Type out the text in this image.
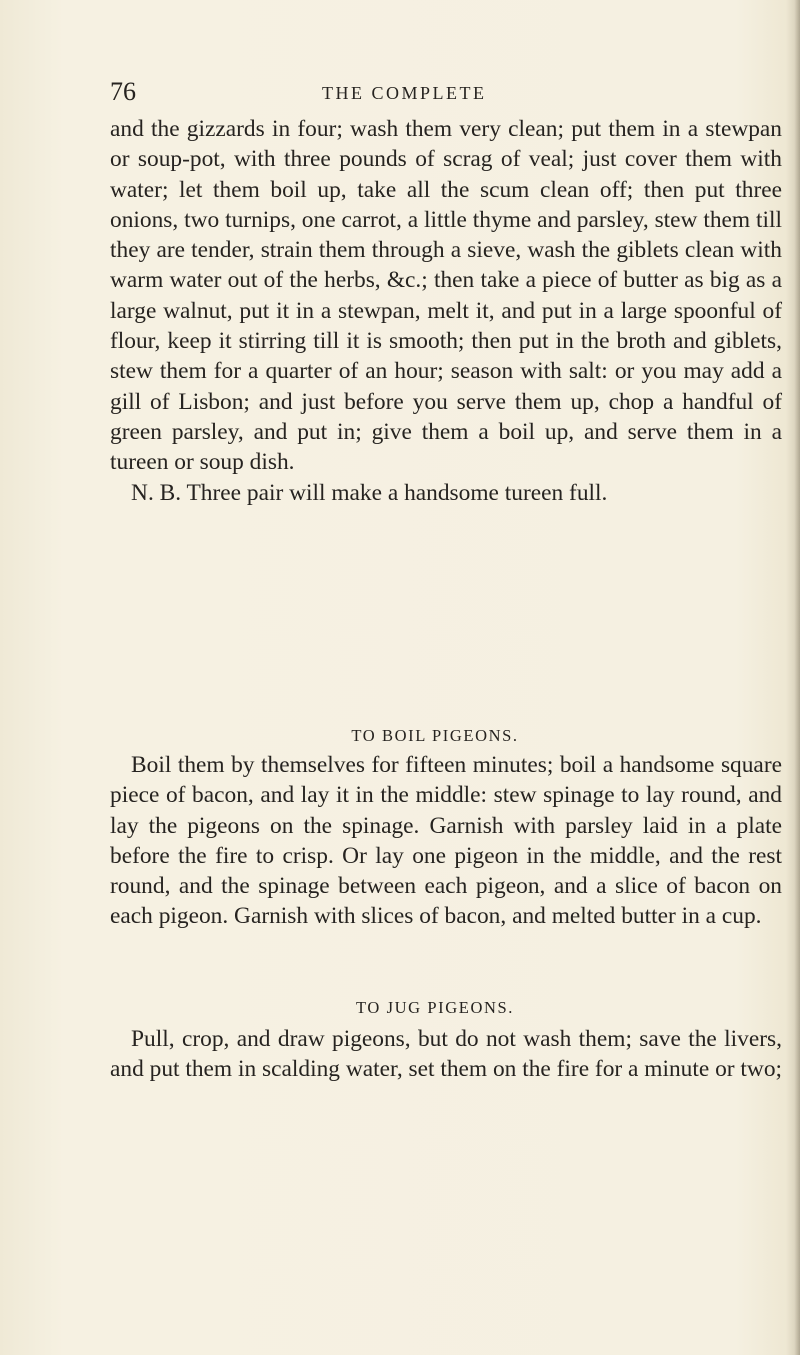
76	THE COMPLETE

and the gizzards in four; wash them very clean; put them in a stewpan or soup-pot, with three pounds of scrag of veal; just cover them with water; let them boil up, take all the scum clean off; then put three onions, two turnips, one carrot, a little thyme and parsley, stew them till they are tender, strain them through a sieve, wash the giblets clean with warm water out of the herbs, &c.; then take a piece of butter as big as a large walnut, put it in a stewpan, melt it, and put in a large spoonful of flour, keep it stirring till it is smooth; then put in the broth and giblets, stew them for a quarter of an hour; season with salt: or you may add a gill of Lisbon; and just before you serve them up, chop a handful of green parsley, and put in; give them a boil up, and serve them in a tureen or soup dish.

N. B. Three pair will make a handsome tureen full.

TO BOIL PIGEONS.

Boil them by themselves for fifteen minutes; boil a handsome square piece of bacon, and lay it in the middle: stew spinage to lay round, and lay the pigeons on the spinage. Garnish with parsley laid in a plate before the fire to crisp. Or lay one pigeon in the middle, and the rest round, and the spinage between each pigeon, and a slice of bacon on each pigeon. Garnish with slices of bacon, and melted butter in a cup.

TO JUG PIGEONS.

Pull, crop, and draw pigeons, but do not wash them; save the livers, and put them in scalding water, set them on the fire for a minute or two;
